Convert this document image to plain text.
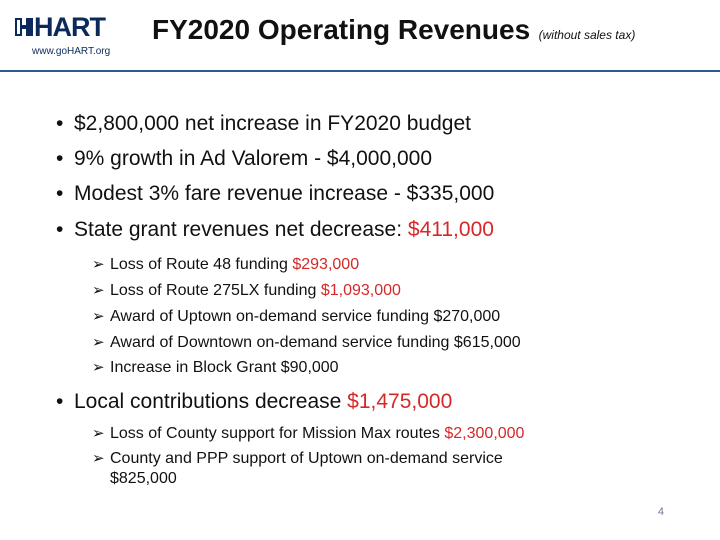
HART
www.goHART.org
FY2020 Operating Revenues (without sales tax)
• $2,800,000 net increase in FY2020 budget
• 9% growth in Ad Valorem - $4,000,000
• Modest 3% fare revenue increase - $335,000
• State grant revenues net decrease: $411,000
➢ Loss of Route 48 funding $293,000
➢ Loss of Route 275LX funding $1,093,000
➢ Award of Uptown on-demand service funding $270,000
➢ Award of Downtown on-demand service funding $615,000
➢ Increase in Block Grant $90,000
• Local contributions decrease $1,475,000
➢ Loss of County support for Mission Max routes $2,300,000
➢ County and PPP support of Uptown on-demand service
$825,000
4
